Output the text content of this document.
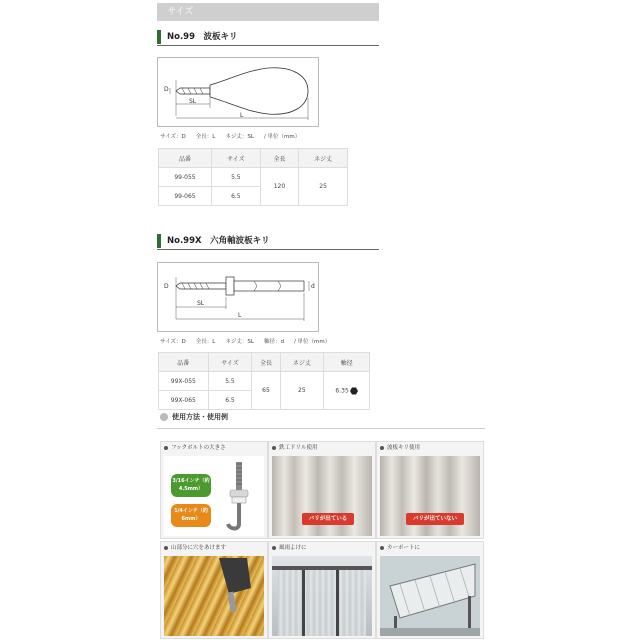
サイズ
No.99　波板キリ
D
SL
L
サイズ：D 全長：L ネジ丈：SL / 単位（mm）
品番	サイズ	全長	ネジ丈
99-055	5.5	120	25
99-065	6.5		
No.99X　六角軸波板キリ
D
SL
L
d
サイズ：D 全長：L ネジ丈：SL 軸径：d / 単位（mm）
品番	サイズ	全長	ネジ丈	軸径
99X-055	5.5	65	25	6.35
99X-065	6.5			
使用方法・使用例
フックボルトの大きさ
3/16インチ（約4.5mm）
1/4インチ（約6mm）
鉄工ドリル使用
バリが出ている
波板キリ使用
バリが出ていない
山部分に穴をあけます	風雨よけに	カーポートに
